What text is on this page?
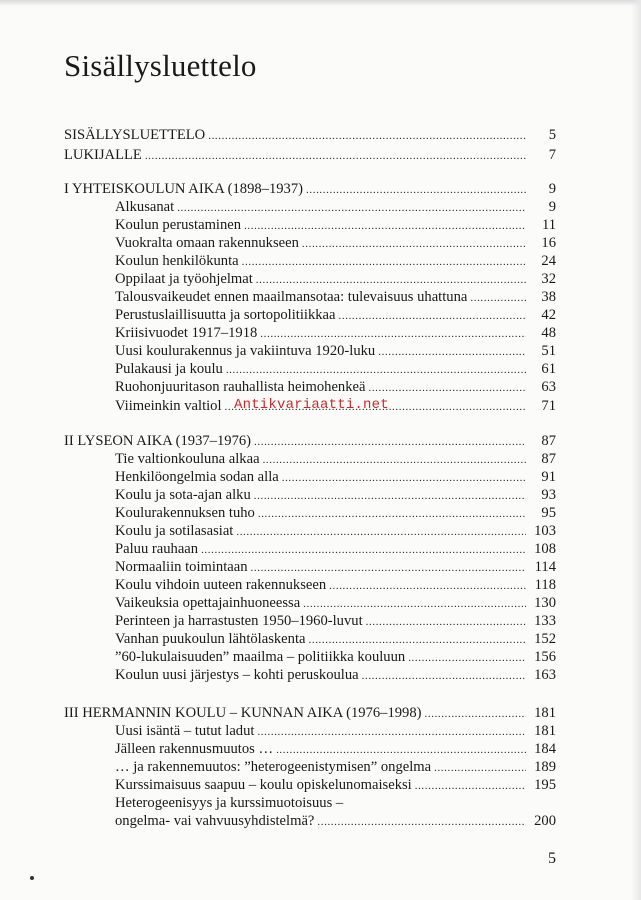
Sisällysluettelo
SISÄLLYSLUETTELO .....	5
LUKIJALLE .....	7
I YHTEISKOULUN AIKA (1898–1937) .....	9
Alkusanat .....	9
Koulun perustaminen .....	11
Vuokralta omaan rakennukseen .....	16
Koulun henkilökunta .....	24
Oppilaat ja työohjelmat .....	32
Talousvaikeudet ennen maailmansotaa: tulevaisuus uhattuna .....	38
Perustuslaillisuutta ja sortopolitiikkaa .....	42
Kriisivuodet 1917–1918 .....	48
Uusi koulurakennus ja vakiintuva 1920-luku .....	51
Pulakausi ja koulu .....	61
Ruohonjuuritason rauhallista heimohenkeä .....	63
Viimeinkin valtiol .....	71
II LYSEON AIKA (1937–1976) .....	87
Tie valtionkouluna alkaa .....	87
Henkilöongelmia sodan alla .....	91
Koulu ja sota-ajan alku .....	93
Koulurakennuksen tuho .....	95
Koulu ja sotilasasiat .....	103
Paluu rauhaan .....	108
Normaaliin toimintaan .....	114
Koulu vihdoin uuteen rakennukseen .....	118
Vaikeuksia opettajainhuoneessa .....	130
Perinteen ja harrastusten 1950–1960-luvut .....	133
Vanhan puukoulun lähtölaskenta .....	152
”60-lukulaisuuden” maailma – politiikka kouluun .....	156
Koulun uusi järjestys – kohti peruskoulua .....	163
III HERMANNIN KOULU – KUNNAN AIKA (1976–1998) .....	181
Uusi isäntä – tutut ladut .....	181
Jälleen rakennusmuutos … .....	184
… ja rakennemuutos: ”heterogeenistymisen” ongelma .....	189
Kurssimaisuus saapuu – koulu opiskelunomaiseksi .....	195
Heterogeenisyys ja kurssimuotoisuus –
ongelma- vai vahvuusyhdistelmä? .....	200
Antikvariaatti.net
5
